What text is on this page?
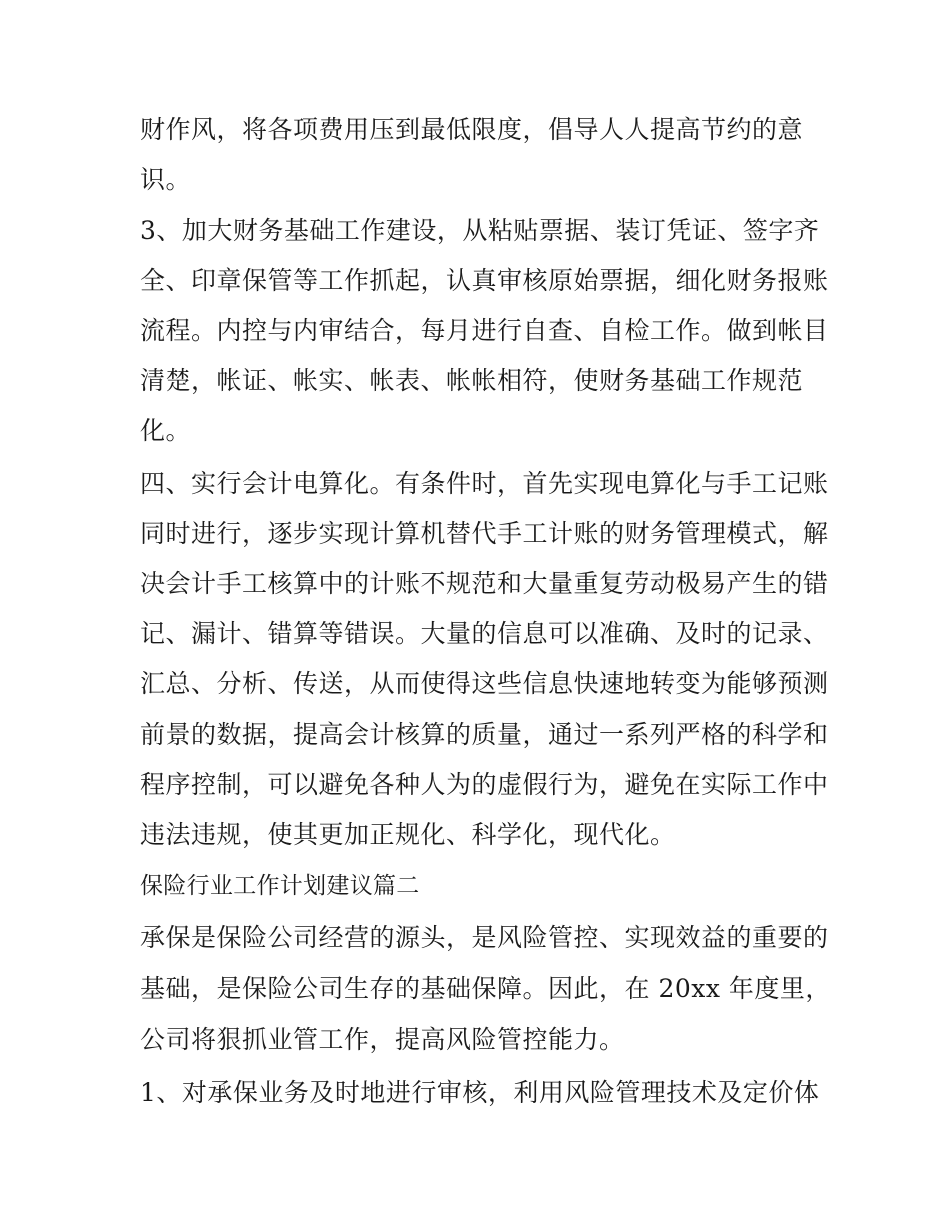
财作风，将各项费用压到最低限度，倡导人人提高节约的意
识。
3、加大财务基础工作建设，从粘贴票据、装订凭证、签字齐
全、印章保管等工作抓起，认真审核原始票据，细化财务报账
流程。内控与内审结合，每月进行自查、自检工作。做到帐目
清楚，帐证、帐实、帐表、帐帐相符，使财务基础工作规范
化。
四、实行会计电算化。有条件时，首先实现电算化与手工记账
同时进行，逐步实现计算机替代手工计账的财务管理模式，解
决会计手工核算中的计账不规范和大量重复劳动极易产生的错
记、漏计、错算等错误。大量的信息可以准确、及时的记录、
汇总、分析、传送，从而使得这些信息快速地转变为能够预测
前景的数据，提高会计核算的质量，通过一系列严格的科学和
程序控制，可以避免各种人为的虚假行为，避免在实际工作中
违法违规，使其更加正规化、科学化，现代化。
保险行业工作计划建议篇二
承保是保险公司经营的源头，是风险管控、实现效益的重要的
基础，是保险公司生存的基础保障。因此，在 20xx 年度里，
公司将狠抓业管工作，提高风险管控能力。
1、对承保业务及时地进行审核，利用风险管理技术及定价体
